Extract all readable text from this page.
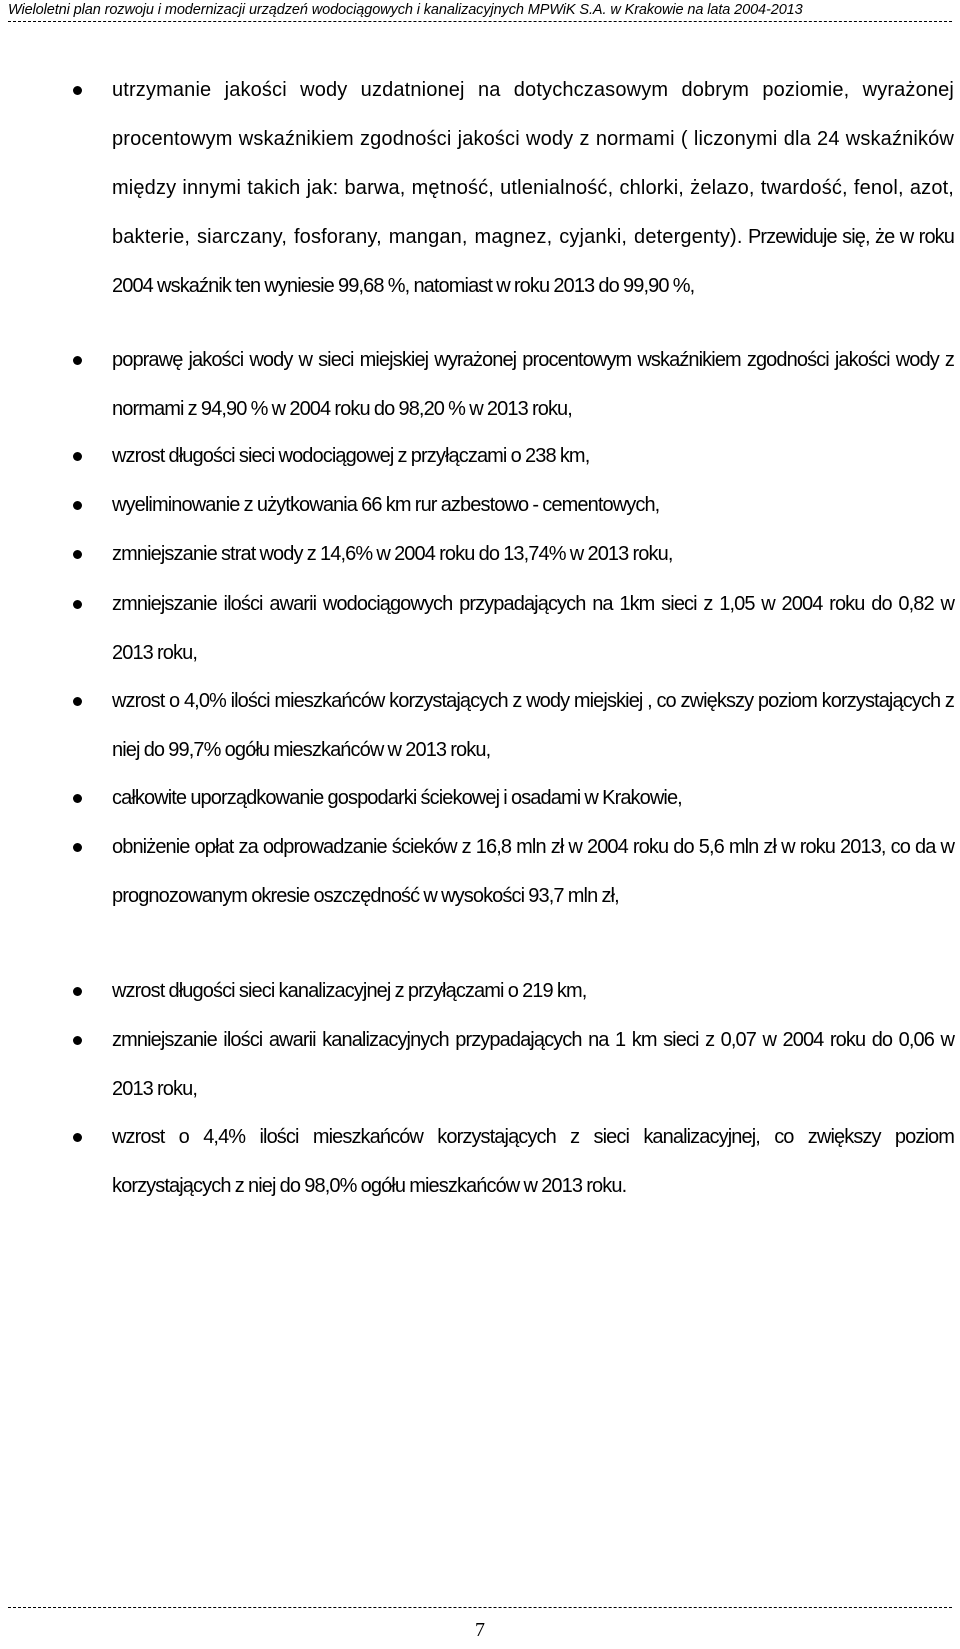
Wieloletni plan rozwoju i modernizacji urządzeń wodociągowych i kanalizacyjnych MPWiK S.A. w Krakowie na lata 2004-2013

utrzymanie jakości wody uzdatnionej na dotychczasowym dobrym poziomie, wyrażonej procentowym wskaźnikiem zgodności jakości wody z normami ( liczonymi dla 24 wskaźników między innymi takich jak: barwa, mętność, utlenialność, chlorki, żelazo, twardość, fenol, azot, bakterie, siarczany, fosforany, mangan, magnez, cyjanki, detergenty). Przewiduje się, że w roku 2004 wskaźnik ten wyniesie 99,68 %, natomiast w roku 2013 do 99,90 %,

poprawę jakości wody w sieci miejskiej wyrażonej procentowym wskaźnikiem zgodności jakości wody z normami z 94,90 % w 2004 roku do 98,20 % w 2013 roku,

wzrost długości sieci wodociągowej z przyłączami o 238 km,

wyeliminowanie z użytkowania 66 km rur azbestowo - cementowych,

zmniejszanie strat wody z 14,6% w 2004 roku do 13,74% w 2013 roku,

zmniejszanie ilości awarii wodociągowych przypadających na 1km sieci z 1,05 w 2004 roku do 0,82 w 2013 roku,

wzrost o 4,0% ilości mieszkańców korzystających z wody miejskiej , co zwiększy poziom korzystających z niej do 99,7% ogółu mieszkańców w 2013 roku,

całkowite uporządkowanie gospodarki ściekowej i osadami w Krakowie,

obniżenie opłat za odprowadzanie ścieków z 16,8 mln zł w 2004 roku do 5,6 mln zł w roku 2013, co da w prognozowanym okresie oszczędność w wysokości 93,7 mln zł,

wzrost długości sieci kanalizacyjnej z przyłączami o 219 km,

zmniejszanie ilości awarii kanalizacyjnych przypadających na 1 km sieci z 0,07 w 2004 roku do 0,06 w 2013 roku,

wzrost o 4,4% ilości mieszkańców korzystających z sieci kanalizacyjnej, co zwiększy poziom korzystających z niej do 98,0% ogółu mieszkańców w 2013 roku.

7
